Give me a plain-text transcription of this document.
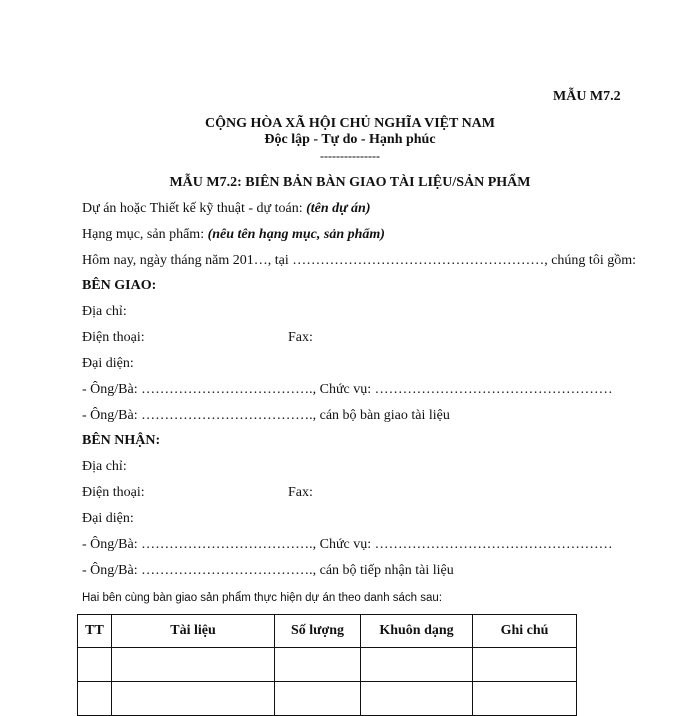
MẪU M7.2
CỘNG HÒA XÃ HỘI CHỦ NGHĨA VIỆT NAM
Độc lập - Tự do - Hạnh phúc
---------------
MẪU M7.2: BIÊN BẢN BÀN GIAO TÀI LIỆU/SẢN PHẨM
Dự án hoặc Thiết kế kỹ thuật - dự toán: (tên dự án)
Hạng mục, sản phẩm: (nêu tên hạng mục, sản phẩm)
Hôm nay, ngày tháng năm 201…, tại ………………………………………………, chúng tôi gồm:
BÊN GIAO:
Địa chỉ:
Điện thoại:	Fax:
Đại diện:
- Ông/Bà: ………………………………., Chức vụ: ……………………………………………
- Ông/Bà: ………………………………., cán bộ bàn giao tài liệu
BÊN NHẬN:
Địa chỉ:
Điện thoại:	Fax:
Đại diện:
- Ông/Bà: ………………………………., Chức vụ: ……………………………………………
- Ông/Bà: ………………………………., cán bộ tiếp nhận tài liệu
Hai bên cùng bàn giao sản phẩm thực hiện dự án theo danh sách sau:
TT	Tài liệu	Số lượng	Khuôn dạng	Ghi chú
